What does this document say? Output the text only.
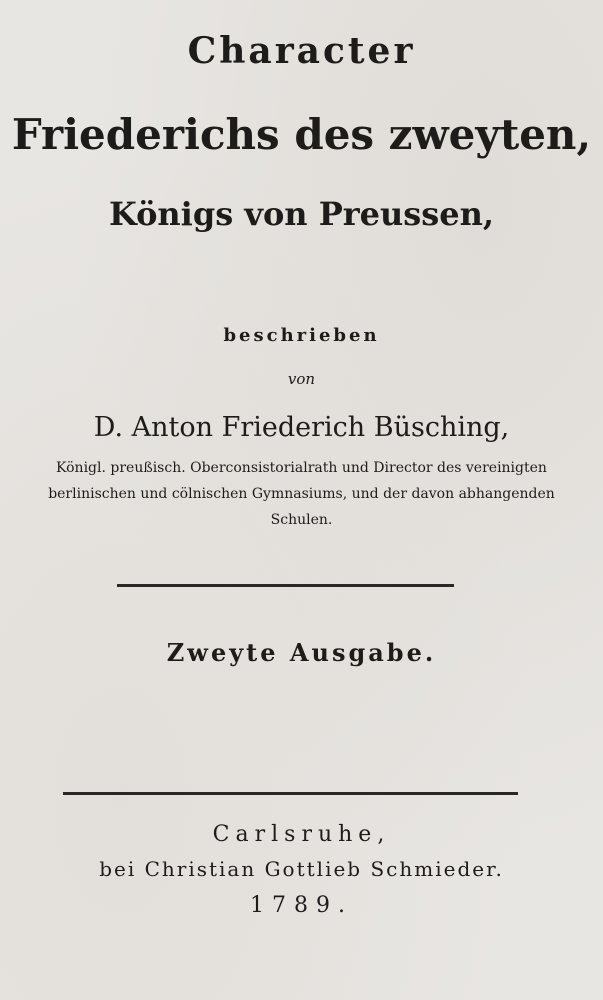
Character
Friederichs des zweyten,
Königs von Preussen,
beschrieben
von
D. Anton Friederich Büsching,
Königl. preußisch. Oberconsistorialrath und Director des vereinigten berlinischen und cölnischen Gymnasiums, und der davon abhangenden Schulen.
Zweyte Ausgabe.
Carlsruhe,
bei Christian Gottlieb Schmieder.
1789.
